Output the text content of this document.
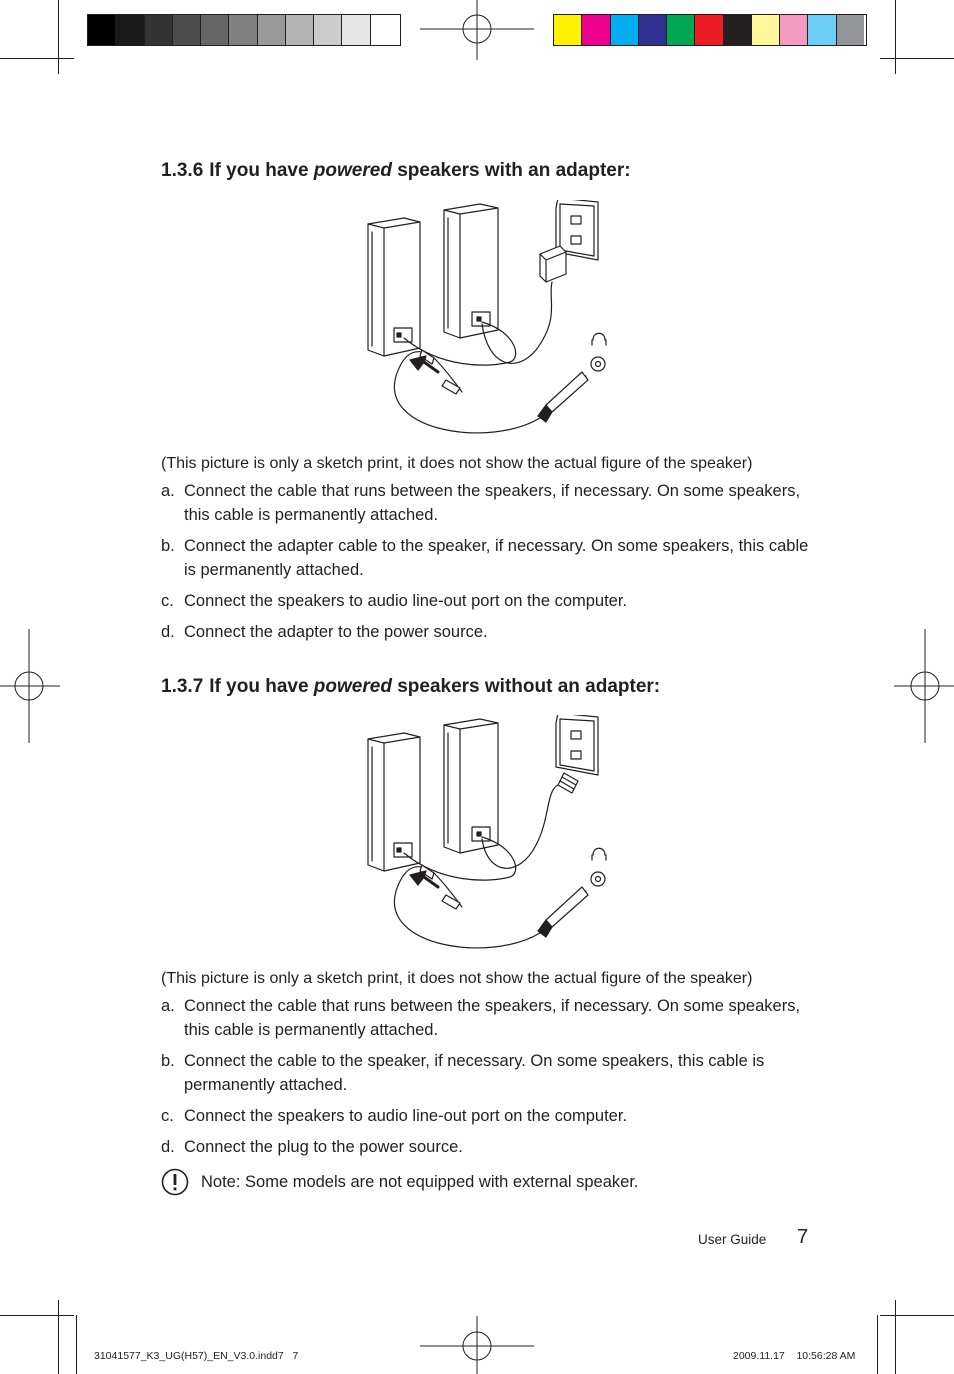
1.3.6 If you have powered speakers with an adapter:

(This picture is only a sketch print, it does not show the actual figure of the speaker)

a. Connect the cable that runs between the speakers, if necessary. On some speakers, this cable is permanently attached.
b. Connect the adapter cable to the speaker, if necessary. On some speakers, this cable is permanently attached.
c. Connect the speakers to audio line-out port on the computer.
d. Connect the adapter to the power source.
1.3.7 If you have powered speakers without an adapter:

(This picture is only a sketch print, it does not show the actual figure of the speaker)

a. Connect the cable that runs between the speakers, if necessary. On some speakers, this cable is permanently attached.
b. Connect the cable to the speaker, if necessary. On some speakers, this cable is permanently attached.
c. Connect the speakers to audio line-out port on the computer.
d. Connect the plug to the power source.
Note: Some models are not equipped with external speaker.
User Guide 7
31041577_K3_UG(H57)_EN_V3.0.indd7   7	2009.11.17    10:56:28 AM
